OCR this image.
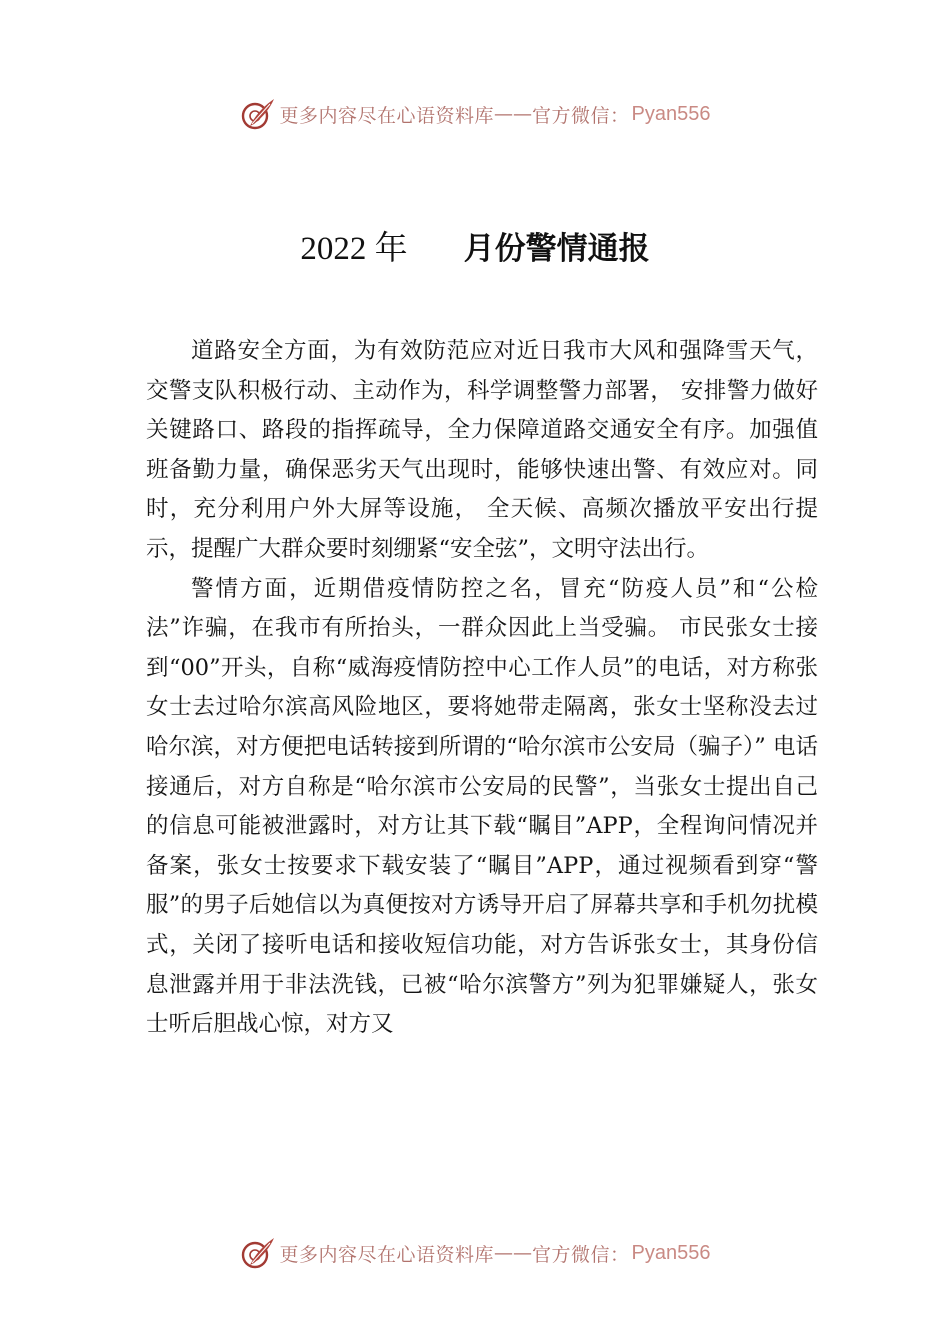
更多内容尽在心语资料库 —— 官方微信： Pyan556
2022 年 月份警情通报

道路安全方面，为有效防范应对近日我市大风和强降雪天气，交警支队积极行动、主动作为，科学调整警力部署， 安排警力做好关键路口、路段的指挥疏导，全力保障道路交通安全有序。加强值班备勤力量，确保恶劣天气出现时，能够快速出警、有效应对。同时，充分利用户外大屏等设施， 全天候、高频次播放平安出行提示，提醒广大群众要时刻绷紧“安全弦”，文明守法出行。

警情方面，近期借疫情防控之名，冒充“防疫人员”和“公检法”诈骗，在我市有所抬头，一群众因此上当受骗。 市民张女士接到“00”开头，自称“威海疫情防控中心工作人员”的电话，对方称张女士去过哈尔滨高风险地区，要将她带走隔离，张女士坚称没去过哈尔滨，对方便把电话转接到所谓的“哈尔滨市公安局（骗子）” 电话接通后，对方自称是“哈尔滨市公安局的民警”，当张女士提出自己的信息可能被泄露时，对方让其下载“瞩目”APP，全程询问情况并备案，张女士按要求下载安装了“瞩目”APP，通过视频看到穿“警服”的男子后她信以为真便按对方诱导开启了屏幕共享和手机勿扰模式，关闭了接听电话和接收短信功能，对方告诉张女士，其身份信息泄露并用于非法洗钱，已被“哈尔滨警方”列为犯罪嫌疑人，张女士听后胆战心惊，对方又

更多内容尽在心语资料库 —— 官方微信： Pyan556
